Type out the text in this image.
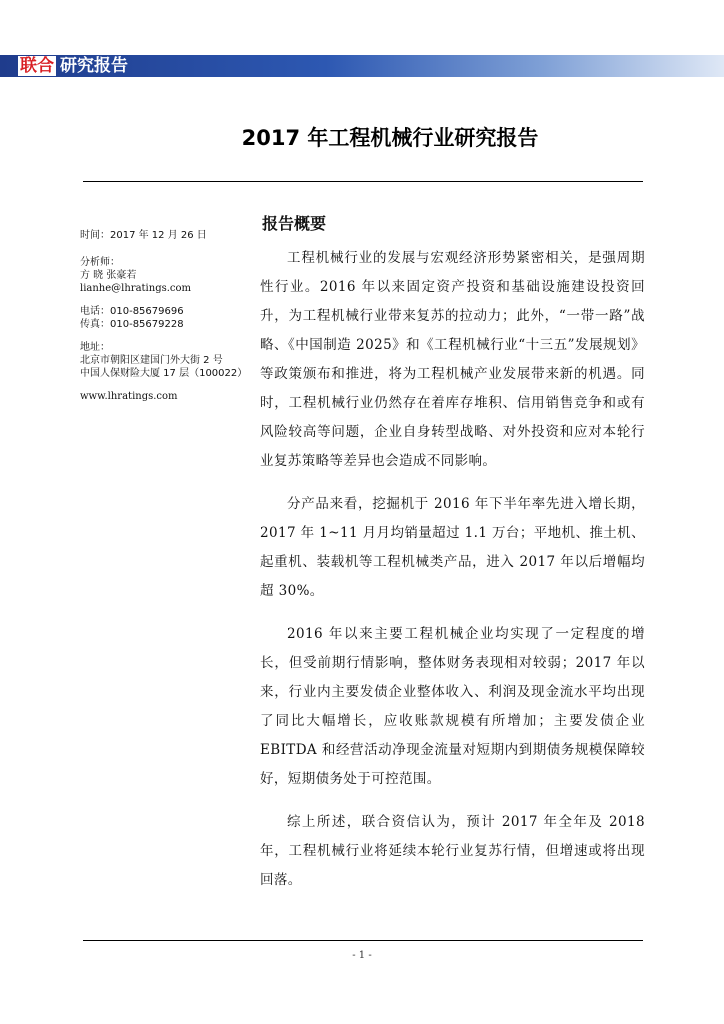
联合 研究报告
2017 年工程机械行业研究报告
报告概要
时间：2017 年 12 月 26 日
分析师：
方 晓 张豪若
lianhe@lhratings.com
电话：010-85679696
传真：010-85679228
地址：
北京市朝阳区建国门外大街 2 号
中国人保财险大厦 17 层（100022）
www.lhratings.com

工程机械行业的发展与宏观经济形势紧密相关，是强周期性行业。2016 年以来固定资产投资和基础设施建设投资回升，为工程机械行业带来复苏的拉动力；此外，“一带一路”战略、《中国制造 2025》和《工程机械行业“十三五”发展规划》等政策颁布和推进，将为工程机械产业发展带来新的机遇。同时，工程机械行业仍然存在着库存堆积、信用销售竞争和或有风险较高等问题，企业自身转型战略、对外投资和应对本轮行业复苏策略等差异也会造成不同影响。

分产品来看，挖掘机于 2016 年下半年率先进入增长期，2017 年 1~11 月月均销量超过 1.1 万台；平地机、推土机、起重机、装载机等工程机械类产品，进入 2017 年以后增幅均超 30%。

2016 年以来主要工程机械企业均实现了一定程度的增长，但受前期行情影响，整体财务表现相对较弱；2017 年以来，行业内主要发债企业整体收入、利润及现金流水平均出现了同比大幅增长，应收账款规模有所增加；主要发债企业 EBITDA 和经营活动净现金流量对短期内到期债务规模保障较好，短期债务处于可控范围。

综上所述，联合资信认为，预计 2017 年全年及 2018 年，工程机械行业将延续本轮行业复苏行情，但增速或将出现回落。

- 1 -
